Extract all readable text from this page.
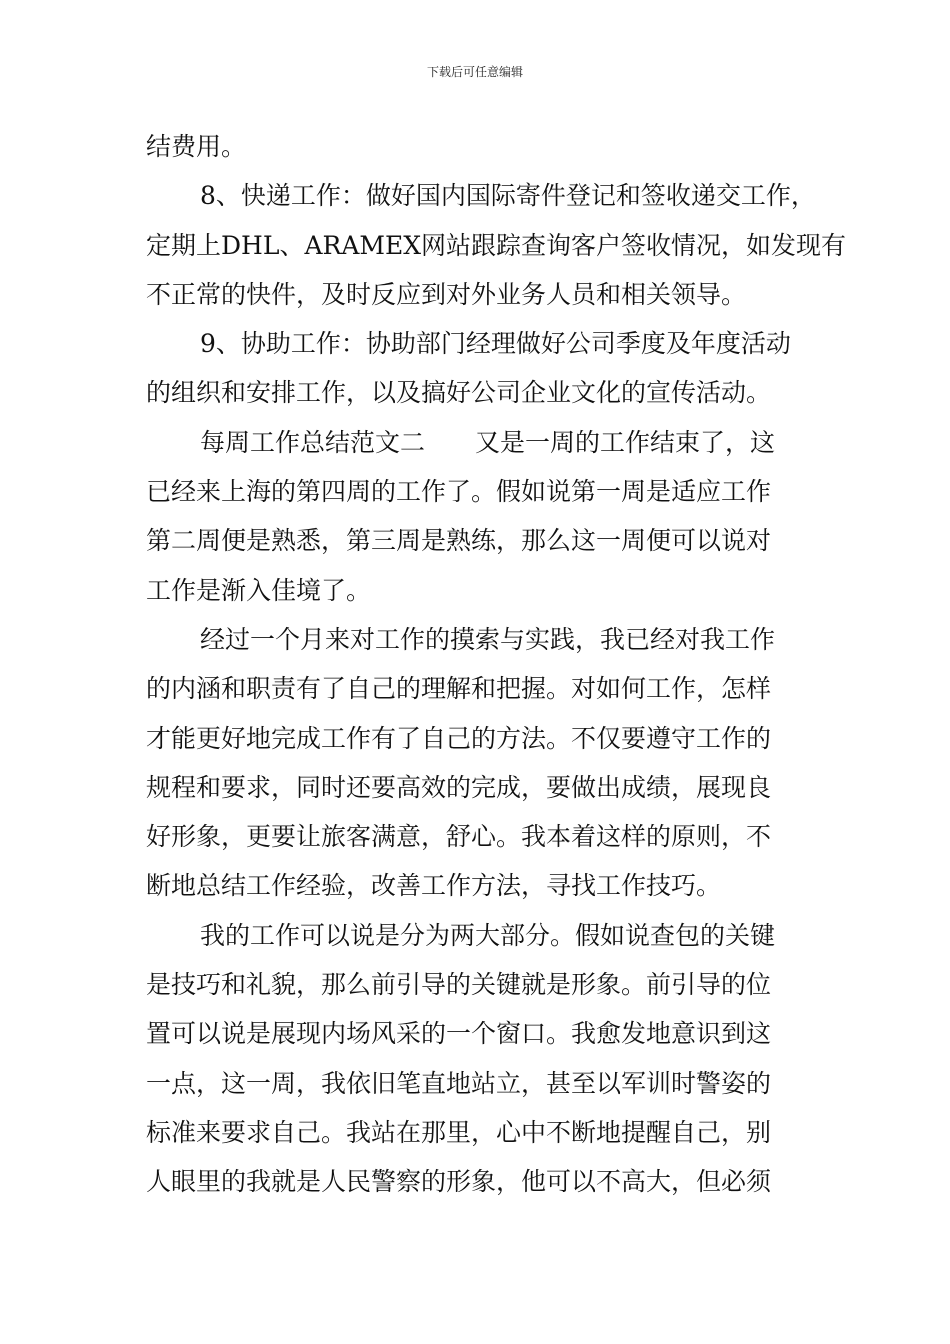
下载后可任意编辑
结费用。
8、快递工作：做好国内国际寄件登记和签收递交工作，
定期上DHL、ARAMEX网站跟踪查询客户签收情况，如发现有
不正常的快件，及时反应到对外业务人员和相关领导。
9、协助工作：协助部门经理做好公司季度及年度活动
的组织和安排工作，以及搞好公司企业文化的宣传活动。
每周工作总结范文二　　又是一周的工作结束了，这
已经来上海的第四周的工作了。假如说第一周是适应工作
第二周便是熟悉，第三周是熟练，那么这一周便可以说对
工作是渐入佳境了。
经过一个月来对工作的摸索与实践，我已经对我工作
的内涵和职责有了自己的理解和把握。对如何工作，怎样
才能更好地完成工作有了自己的方法。不仅要遵守工作的
规程和要求，同时还要高效的完成，要做出成绩，展现良
好形象，更要让旅客满意，舒心。我本着这样的原则，不
断地总结工作经验，改善工作方法，寻找工作技巧。
我的工作可以说是分为两大部分。假如说查包的关键
是技巧和礼貌，那么前引导的关键就是形象。前引导的位
置可以说是展现内场风采的一个窗口。我愈发地意识到这
一点，这一周，我依旧笔直地站立，甚至以军训时警姿的
标准来要求自己。我站在那里，心中不断地提醒自己，别
人眼里的我就是人民警察的形象，他可以不高大，但必须
